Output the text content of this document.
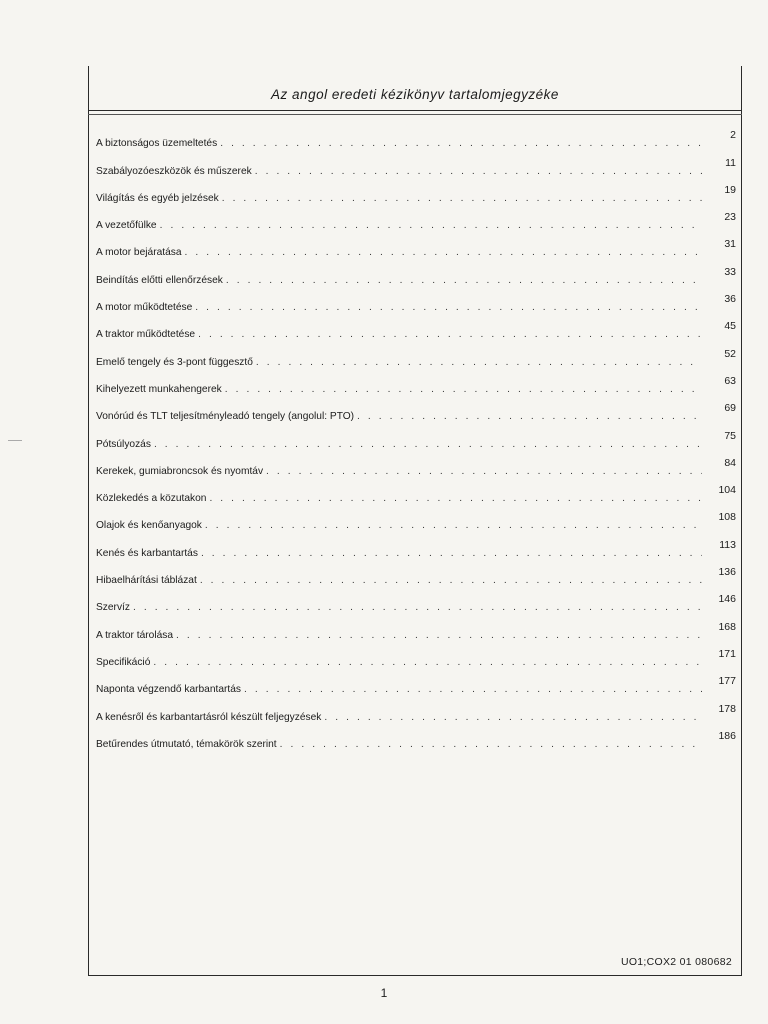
Az angol eredeti kézikönyv tartalomjegyzéke
A biztonságos üzemeltetés
. . .
2
Szabályozóeszközök és műszerek
. . .
11
Világítás és egyéb jelzések
. . .
19
A vezetőfülke
. . .
23
A motor bejáratása
. . .
31
Beindítás előtti ellenőrzések
. . .
33
A motor működtetése
. . .
36
A traktor működtetése
. . .
45
Emelő tengely és 3-pont függesztő
. . .
52
Kihelyezett munkahengerek
. . .
63
Vonórúd és TLT teljesítményleadó tengely (angolul: PTO)
. . .
69
Pótsúlyozás
. . .
75
Kerekek, gumiabroncsok és nyomtáv
. . .
84
Közlekedés a közutakon
. . .
104
Olajok és kenőanyagok
. . .
108
Kenés és karbantartás
. . .
113
Hibaelhárítási táblázat
. . .
136
Szervíz
. . .
146
A traktor tárolása
. . .
168
Specifikáció
. . .
171
Naponta végzendő karbantartás
. . .
177
A kenésről és karbantartásról készült feljegyzések
. . .
178
Betűrendes útmutató, témakörök szerint
. . .
186
UO1;COX2 01 080682
1
